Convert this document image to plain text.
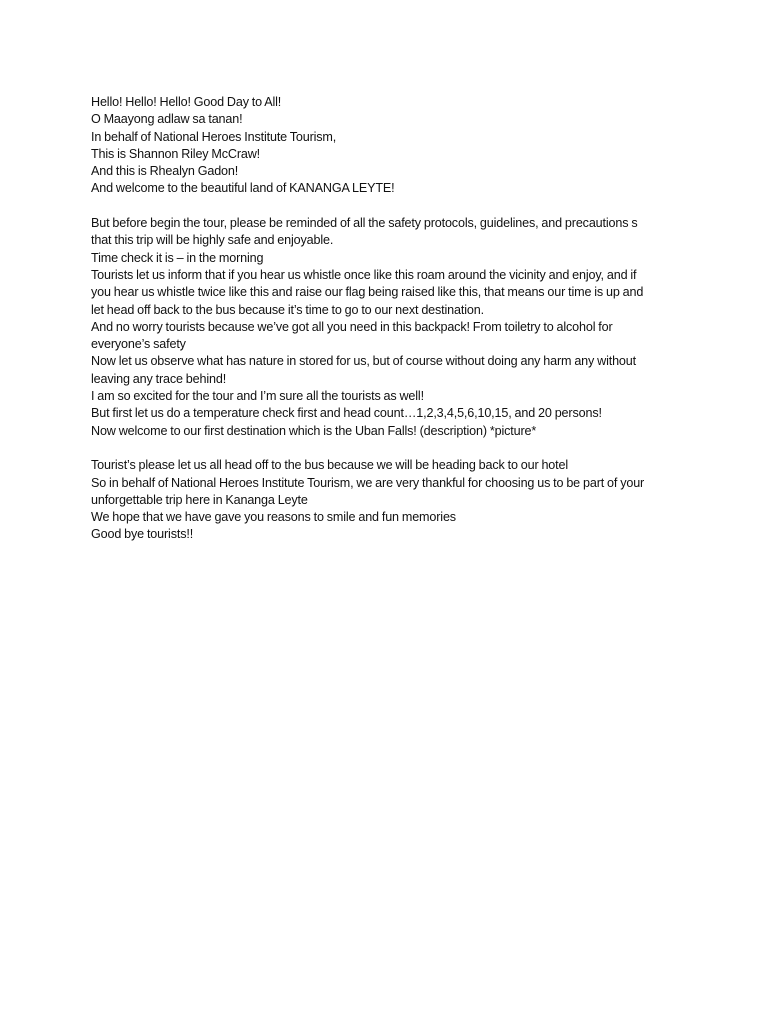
Hello! Hello! Hello! Good Day to All!
O Maayong adlaw sa tanan!
In behalf of National Heroes Institute Tourism,
This is Shannon Riley McCraw!
And this is Rhealyn Gadon!
And welcome to the beautiful land of KANANGA LEYTE!

But before begin the tour, please be reminded of all the safety protocols, guidelines, and precautions s
that this trip will be highly safe and enjoyable.
Time check it is – in the morning
Tourists let us inform that if you hear us whistle once like this roam around the vicinity and enjoy, and if
you hear us whistle twice like this and raise our flag being raised like this, that means our time is up and
let head off back to the bus because it’s time to go to our next destination.
And no worry tourists because we’ve got all you need in this backpack! From toiletry to alcohol for
everyone’s safety
Now let us observe what has nature in stored for us, but of course without doing any harm any without
leaving any trace behind!
I am so excited for the tour and I’m sure all the tourists as well!
But first let us do a temperature check first and head count…1,2,3,4,5,6,10,15, and 20 persons!
Now welcome to our first destination which is the Uban Falls! (description) *picture*

Tourist’s please let us all head off to the bus because we will be heading back to our hotel
So in behalf of National Heroes Institute Tourism, we are very thankful for choosing us to be part of your
unforgettable trip here in Kananga Leyte
We hope that we have gave you reasons to smile and fun memories
Good bye tourists!!
